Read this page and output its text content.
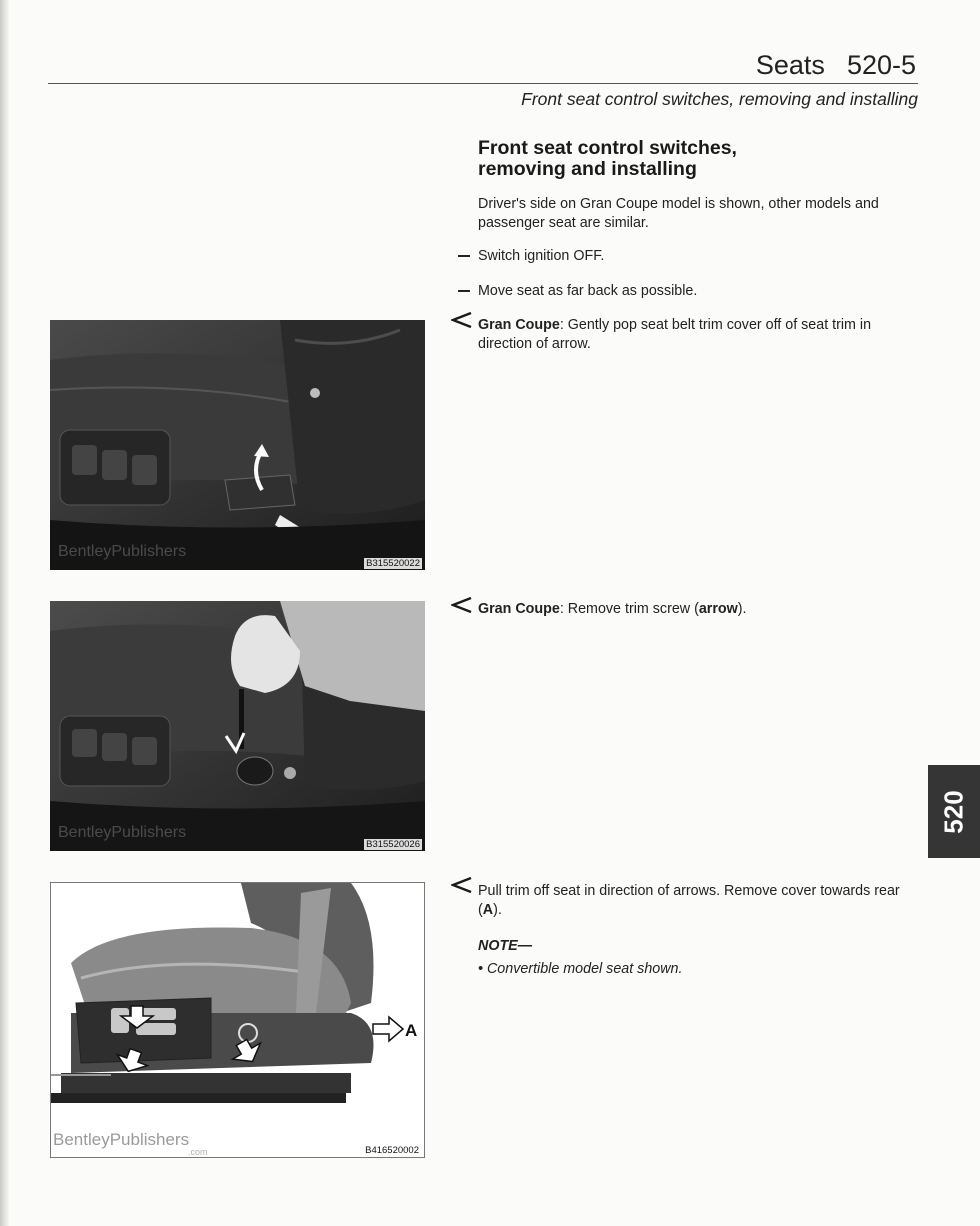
Seats 520-5
Front seat control switches, removing and installing
Front seat control switches,
removing and installing
Driver's side on Gran Coupe model is shown, other models and passenger seat are similar.
Switch ignition OFF.
Move seat as far back as possible.
Gran Coupe: Gently pop seat belt trim cover off of seat trim in direction of arrow.
Gran Coupe: Remove trim screw (arrow).
Pull trim off seat in direction of arrows. Remove cover towards rear (A).
NOTE—
• Convertible model seat shown.
BentleyPublishers
B315520022
BentleyPublishers
B315520026
A
BentleyPublishers
.com	B416520002
520
